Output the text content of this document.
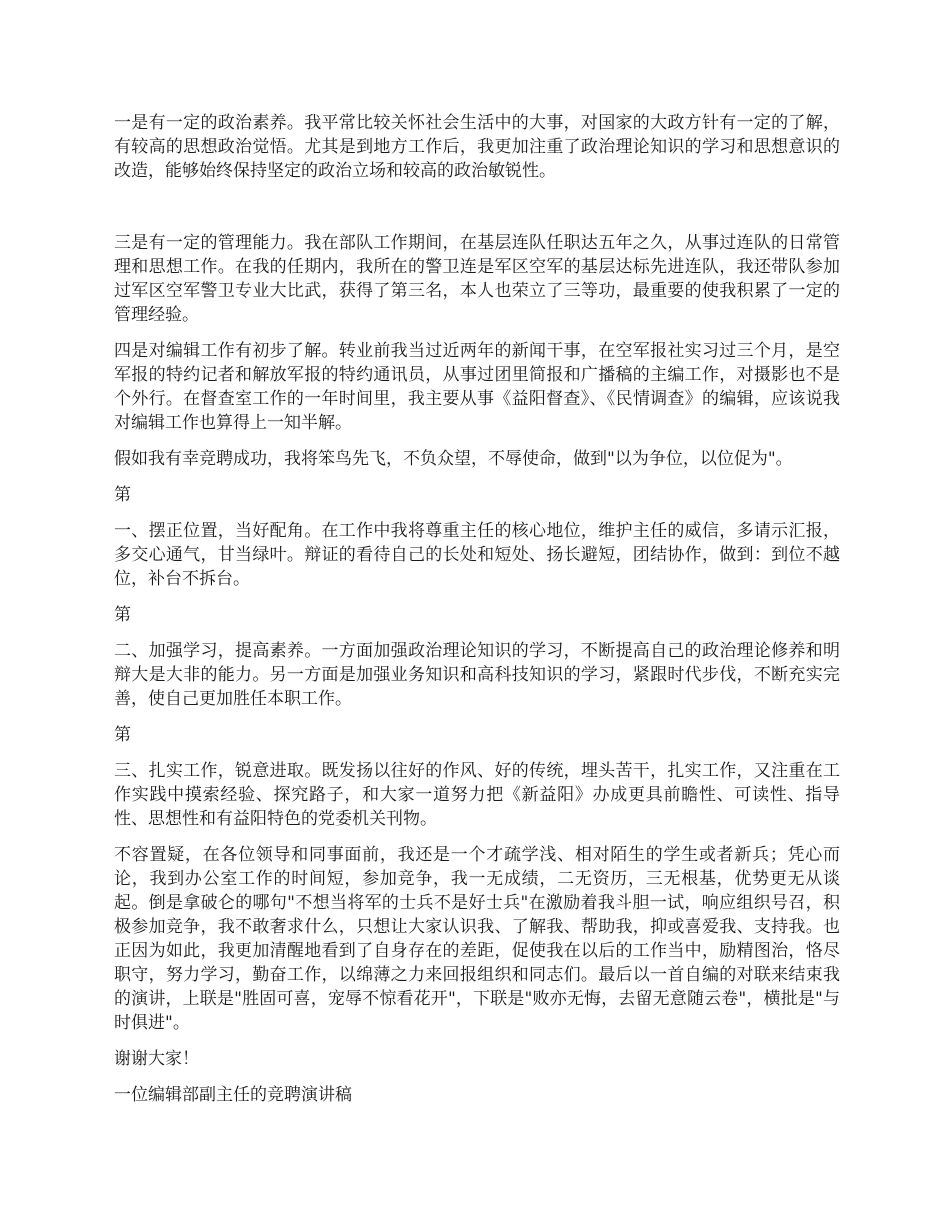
一是有一定的政治素养。我平常比较关怀社会生活中的大事，对国家的大政方针有一定的了解，有较高的思想政治觉悟。尤其是到地方工作后，我更加注重了政治理论知识的学习和思想意识的改造，能够始终保持坚定的政治立场和较高的政治敏锐性。

三是有一定的管理能力。我在部队工作期间，在基层连队任职达五年之久，从事过连队的日常管理和思想工作。在我的任期内，我所在的警卫连是军区空军的基层达标先进连队，我还带队参加过军区空军警卫专业大比武，获得了第三名，本人也荣立了三等功，最重要的使我积累了一定的管理经验。

四是对编辑工作有初步了解。转业前我当过近两年的新闻干事，在空军报社实习过三个月，是空军报的特约记者和解放军报的特约通讯员，从事过团里简报和广播稿的主编工作，对摄影也不是个外行。在督查室工作的一年时间里，我主要从事《益阳督查》、《民情调查》的编辑，应该说我对编辑工作也算得上一知半解。

假如我有幸竞聘成功，我将笨鸟先飞，不负众望，不辱使命，做到"以为争位，以位促为"。

第

一、摆正位置，当好配角。在工作中我将尊重主任的核心地位，维护主任的威信，多请示汇报，多交心通气，甘当绿叶。辩证的看待自己的长处和短处、扬长避短，团结协作，做到：到位不越位，补台不拆台。

第

二、加强学习，提高素养。一方面加强政治理论知识的学习，不断提高自己的政治理论修养和明辩大是大非的能力。另一方面是加强业务知识和高科技知识的学习，紧跟时代步伐，不断充实完善，使自己更加胜任本职工作。

第

三、扎实工作，锐意进取。既发扬以往好的作风、好的传统，埋头苦干，扎实工作，又注重在工作实践中摸索经验、探究路子，和大家一道努力把《新益阳》办成更具前瞻性、可读性、指导性、思想性和有益阳特色的党委机关刊物。

不容置疑，在各位领导和同事面前，我还是一个才疏学浅、相对陌生的学生或者新兵；凭心而论，我到办公室工作的时间短，参加竞争，我一无成绩，二无资历，三无根基，优势更无从谈起。倒是拿破仑的哪句"不想当将军的士兵不是好士兵"在激励着我斗胆一试，响应组织号召，积极参加竞争，我不敢奢求什么，只想让大家认识我、了解我、帮助我，抑或喜爱我、支持我。也正因为如此，我更加清醒地看到了自身存在的差距，促使我在以后的工作当中，励精图治，恪尽职守，努力学习，勤奋工作，以绵薄之力来回报组织和同志们。最后以一首自编的对联来结束我的演讲，上联是"胜固可喜，宠辱不惊看花开"，下联是"败亦无悔，去留无意随云卷"，横批是"与时俱进"。

谢谢大家！

一位编辑部副主任的竞聘演讲稿
